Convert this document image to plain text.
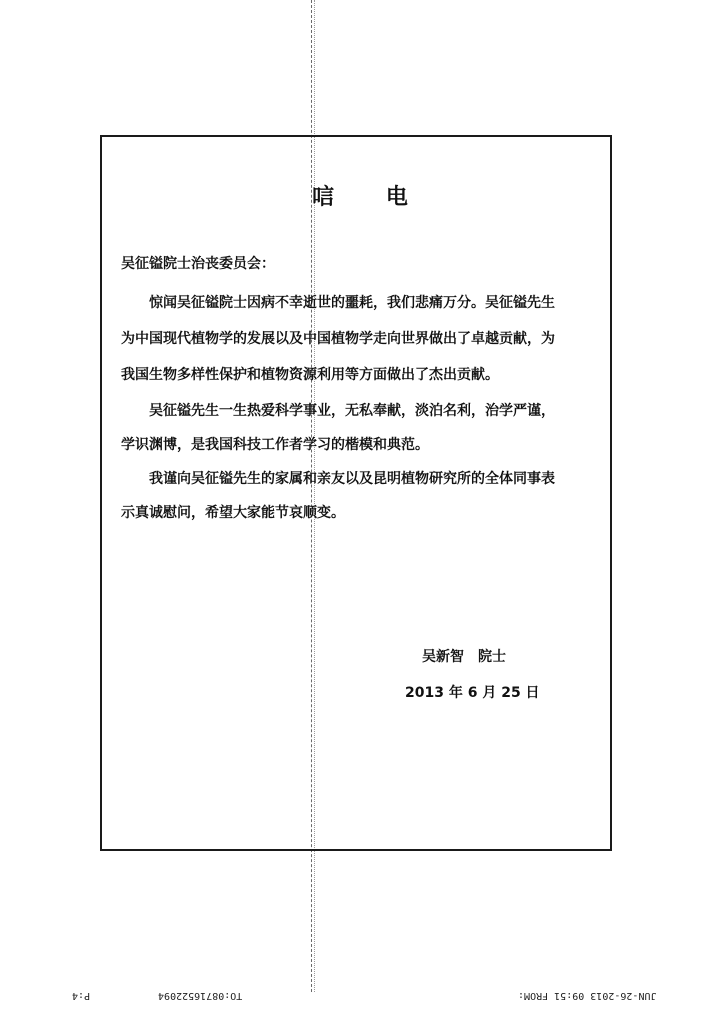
唁 电
吴征镒院士治丧委员会：
惊闻吴征镒院士因病不幸逝世的噩耗，我们悲痛万分。吴征镒先生
为中国现代植物学的发展以及中国植物学走向世界做出了卓越贡献，为
我国生物多样性保护和植物资源利用等方面做出了杰出贡献。
吴征镒先生一生热爱科学事业，无私奉献，淡泊名利，治学严谨，
学识渊博，是我国科技工作者学习的楷模和典范。
我谨向吴征镒先生的家属和亲友以及昆明植物研究所的全体同事表
示真诚慰问，希望大家能节哀顺变。
吴新智 院士
2013 年 6 月 25 日
JUN-26-2013 09:51 FROM:
TO:08716522094
P:4
